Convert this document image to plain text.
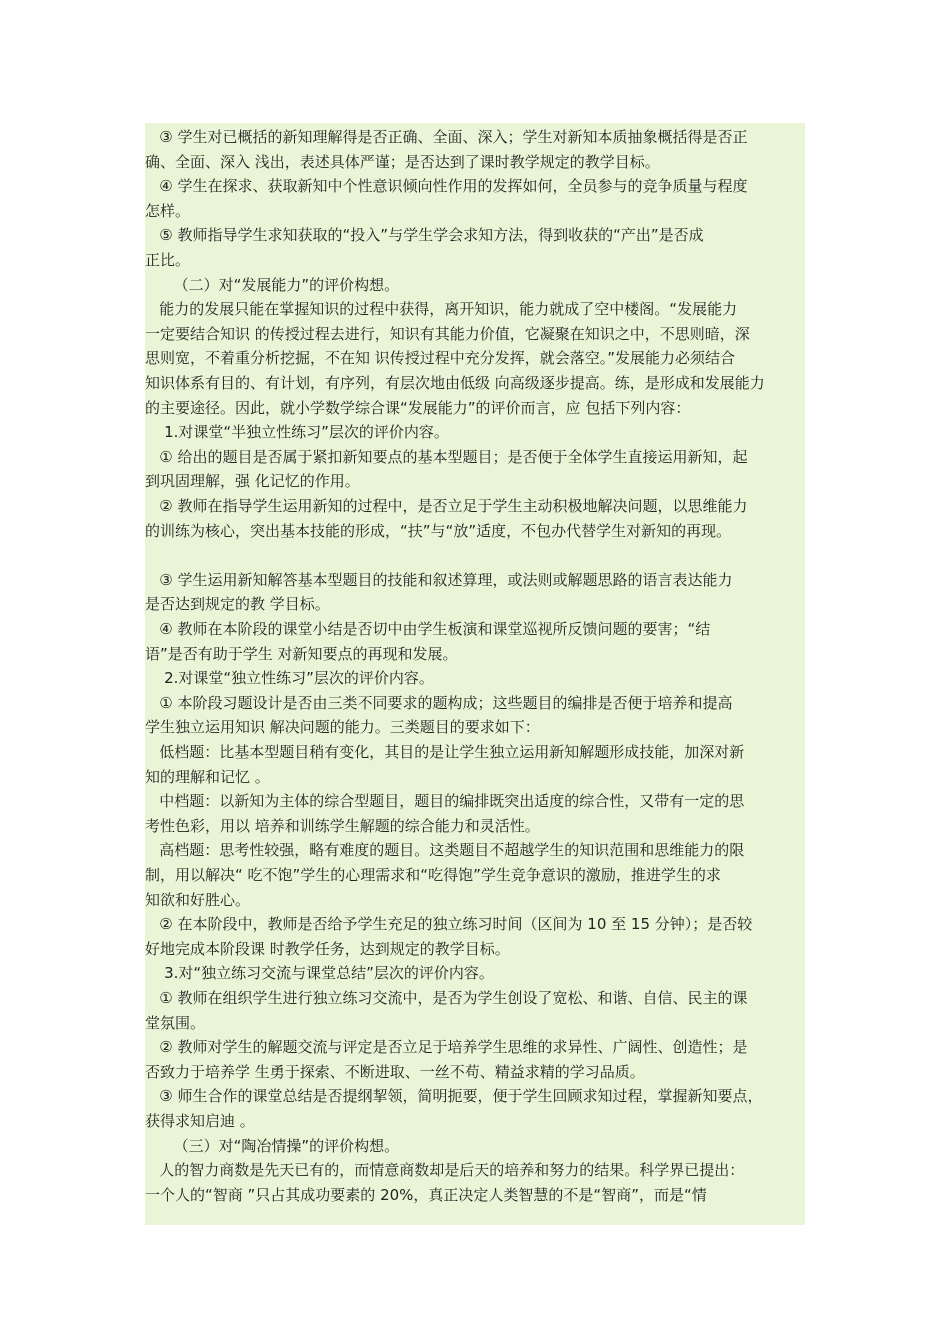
③ 学生对已概括的新知理解得是否正确、全面、深入；学生对新知本质抽象概括得是否正
确、全面、深入 浅出，表述具体严谨；是否达到了课时教学规定的教学目标。
④ 学生在探求、获取新知中个性意识倾向性作用的发挥如何，全员参与的竞争质量与程度
怎样。
⑤ 教师指导学生求知获取的“投入”与学生学会求知方法，得到收获的“产出”是否成
正比。
（二）对“发展能力”的评价构想。
能力的发展只能在掌握知识的过程中获得，离开知识，能力就成了空中楼阁。“发展能力
一定要结合知识 的传授过程去进行，知识有其能力价值，它凝聚在知识之中，不思则暗，深
思则宽，不着重分析挖掘，不在知 识传授过程中充分发挥，就会落空。”发展能力必须结合
知识体系有目的、有计划，有序列，有层次地由低级 向高级逐步提高。练，是形成和发展能力
的主要途径。因此，就小学数学综合课“发展能力”的评价而言，应 包括下列内容：
1.对课堂“半独立性练习”层次的评价内容。
① 给出的题目是否属于紧扣新知要点的基本型题目；是否便于全体学生直接运用新知，起
到巩固理解，强 化记忆的作用。
② 教师在指导学生运用新知的过程中，是否立足于学生主动积极地解决问题，以思维能力
的训练为核心，突出基本技能的形成，“扶”与“放”适度，不包办代替学生对新知的再现。
③ 学生运用新知解答基本型题目的技能和叙述算理，或法则或解题思路的语言表达能力
是否达到规定的教 学目标。
④ 教师在本阶段的课堂小结是否切中由学生板演和课堂巡视所反馈问题的要害；“结
语”是否有助于学生 对新知要点的再现和发展。
2.对课堂“独立性练习”层次的评价内容。
① 本阶段习题设计是否由三类不同要求的题构成；这些题目的编排是否便于培养和提高
学生独立运用知识 解决问题的能力。三类题目的要求如下：
低档题：比基本型题目稍有变化，其目的是让学生独立运用新知解题形成技能，加深对新
知的理解和记忆 。
中档题：以新知为主体的综合型题目，题目的编排既突出适度的综合性，又带有一定的思
考性色彩，用以 培养和训练学生解题的综合能力和灵活性。
高档题：思考性较强，略有难度的题目。这类题目不超越学生的知识范围和思维能力的限
制，用以解决“ 吃不饱”学生的心理需求和“吃得饱”学生竞争意识的激励，推进学生的求
知欲和好胜心。
② 在本阶段中，教师是否给予学生充足的独立练习时间（区间为 10 至 15 分钟）；是否较
好地完成本阶段课 时教学任务，达到规定的教学目标。
3.对“独立练习交流与课堂总结”层次的评价内容。
① 教师在组织学生进行独立练习交流中，是否为学生创设了宽松、和谐、自信、民主的课
堂氛围。
② 教师对学生的解题交流与评定是否立足于培养学生思维的求异性、广阔性、创造性；是
否致力于培养学 生勇于探索、不断进取、一丝不苟、精益求精的学习品质。
③ 师生合作的课堂总结是否提纲挈领，简明扼要，便于学生回顾求知过程，掌握新知要点，
获得求知启迪 。
（三）对“陶冶情操”的评价构想。
人的智力商数是先天已有的，而情意商数却是后天的培养和努力的结果。科学界已提出：
一个人的“智商 ”只占其成功要素的 20%，真正决定人类智慧的不是“智商”，而是“情
